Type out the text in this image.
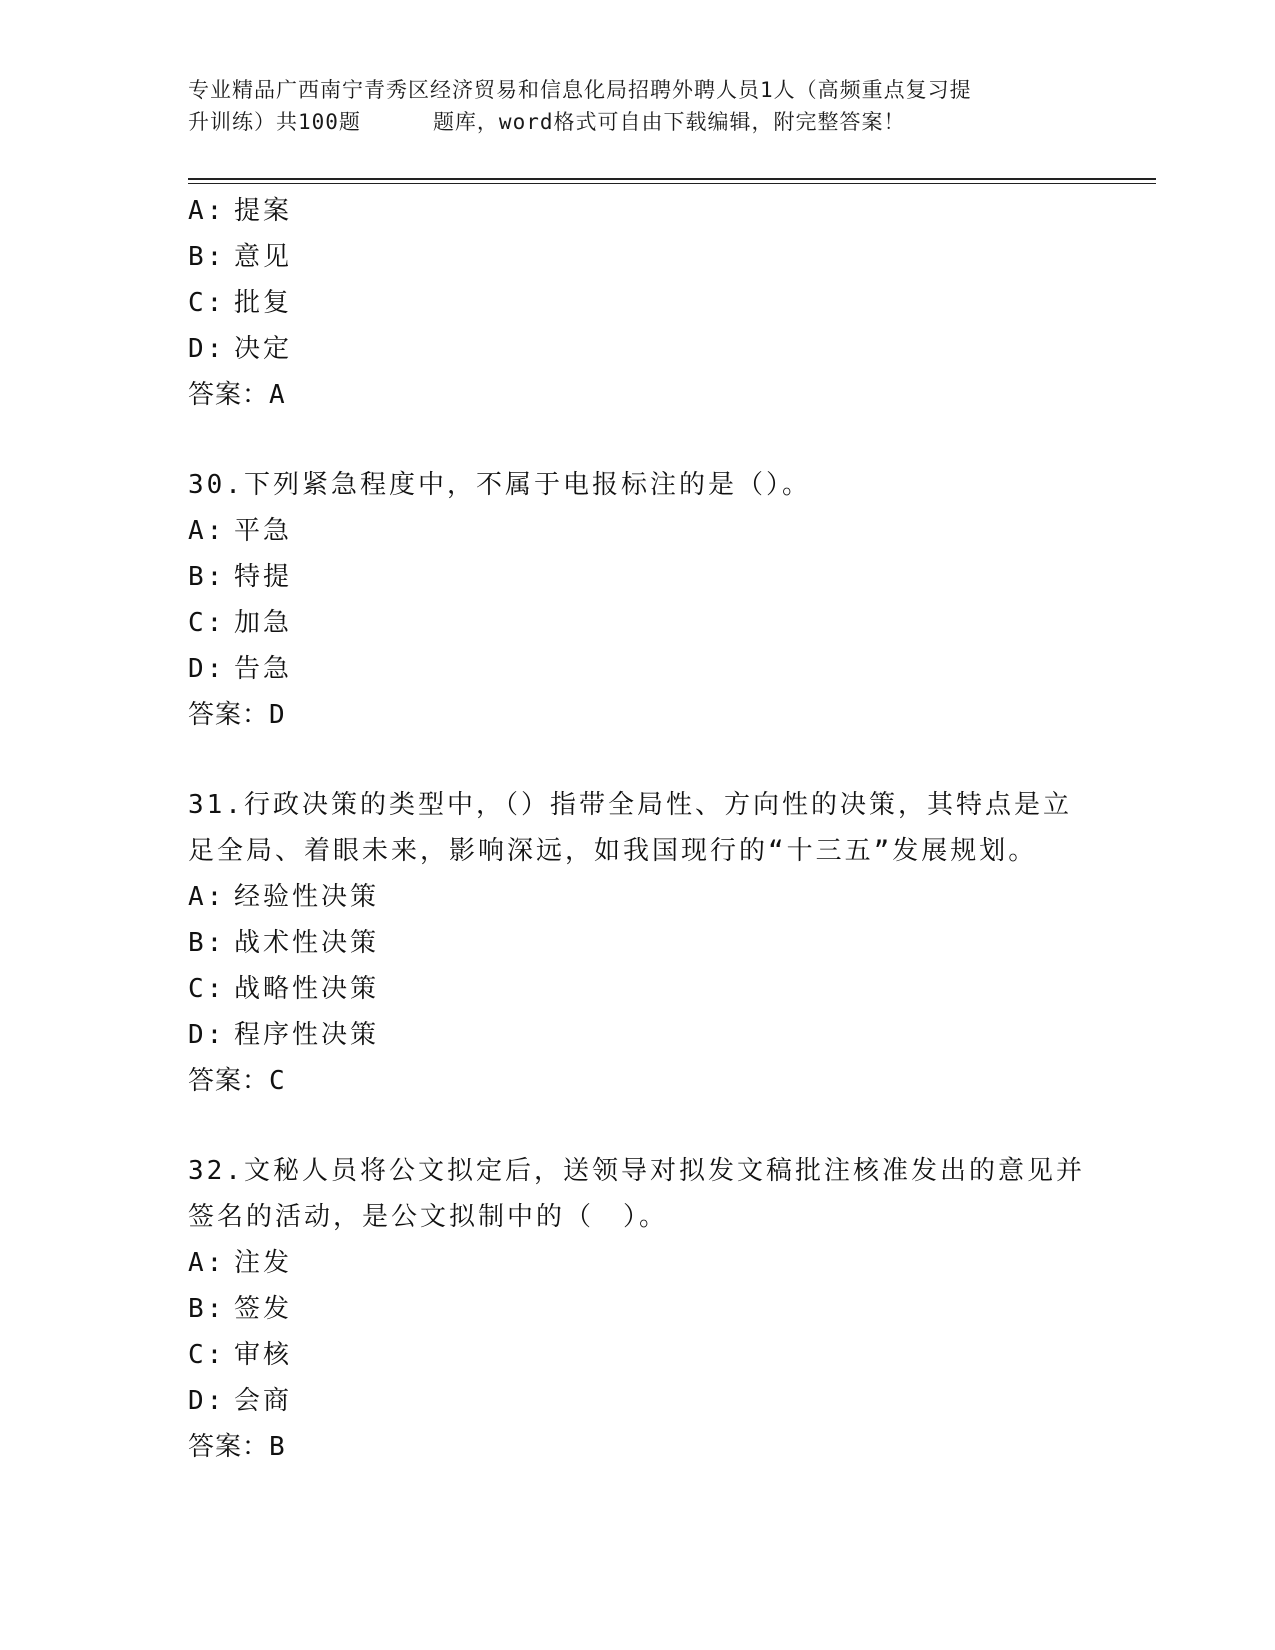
专业精品广西南宁青秀区经济贸易和信息化局招聘外聘人员1人（高频重点复习提
升训练）共100题	题库，word格式可自由下载编辑，附完整答案！
A: 提案
B: 意见
C: 批复
D: 决定
答案：A
30.下列紧急程度中，不属于电报标注的是（）。
A: 平急
B: 特提
C: 加急
D: 告急
答案：D
31.行政决策的类型中，（）指带全局性、方向性的决策，其特点是立
足全局、着眼未来，影响深远，如我国现行的“十三五”发展规划。
A: 经验性决策
B: 战术性决策
C: 战略性决策
D: 程序性决策
答案：C
32.文秘人员将公文拟定后，送领导对拟发文稿批注核准发出的意见并
签名的活动，是公文拟制中的（　）。
A: 注发
B: 签发
C: 审核
D: 会商
答案：B
